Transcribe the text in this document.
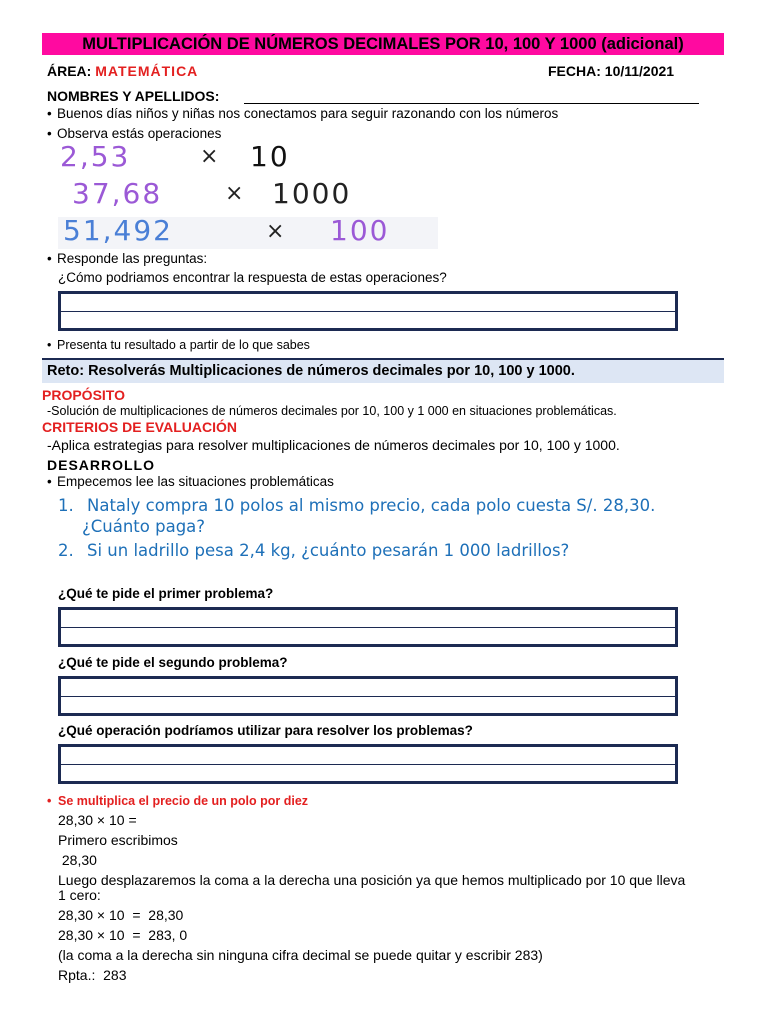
MULTIPLICACIÓN DE NÚMEROS DECIMALES POR 10, 100 Y 1000 (adicional)
ÁREA: MATEMÁTICA	FECHA: 10/11/2021
NOMBRES Y APELLIDOS:
• Buenos días niños y niñas nos conectamos para seguir razonando con los números
• Observa estás operaciones
2,53	× 10
37,68	× 1000
51,492	× 100
• Responde las preguntas:
¿Cómo podriamos encontrar la respuesta de estas operaciones?
• Presenta tu resultado a partir de lo que sabes
Reto: Resolverás Multiplicaciones de números decimales por 10, 100 y 1000.
PROPÓSITO
-Solución de multiplicaciones de números decimales por 10, 100 y 1 000 en situaciones problemáticas.
CRITERIOS DE EVALUACIÓN
-Aplica estrategias para resolver multiplicaciones de números decimales por 10, 100 y 1000.
DESARROLLO
• Empecemos lee las situaciones problemáticas
1. Nataly compra 10 polos al mismo precio, cada polo cuesta S/. 28,30.
¿Cuánto paga?
2. Si un ladrillo pesa 2,4 kg, ¿cuánto pesarán 1 000 ladrillos?
¿Qué te pide el primer problema?
¿Qué te pide el segundo problema?
¿Qué operación podríamos utilizar para resolver los problemas?
• Se multiplica el precio de un polo por diez
28,30 × 10 =
Primero escribimos
28,30
Luego desplazaremos la coma a la derecha una posición ya que hemos multiplicado por 10 que lleva
1 cero:
28,30 × 10  =  28,30
28,30 × 10  =  283, 0
(la coma a la derecha sin ninguna cifra decimal se puede quitar y escribir 283)
Rpta.:  283
